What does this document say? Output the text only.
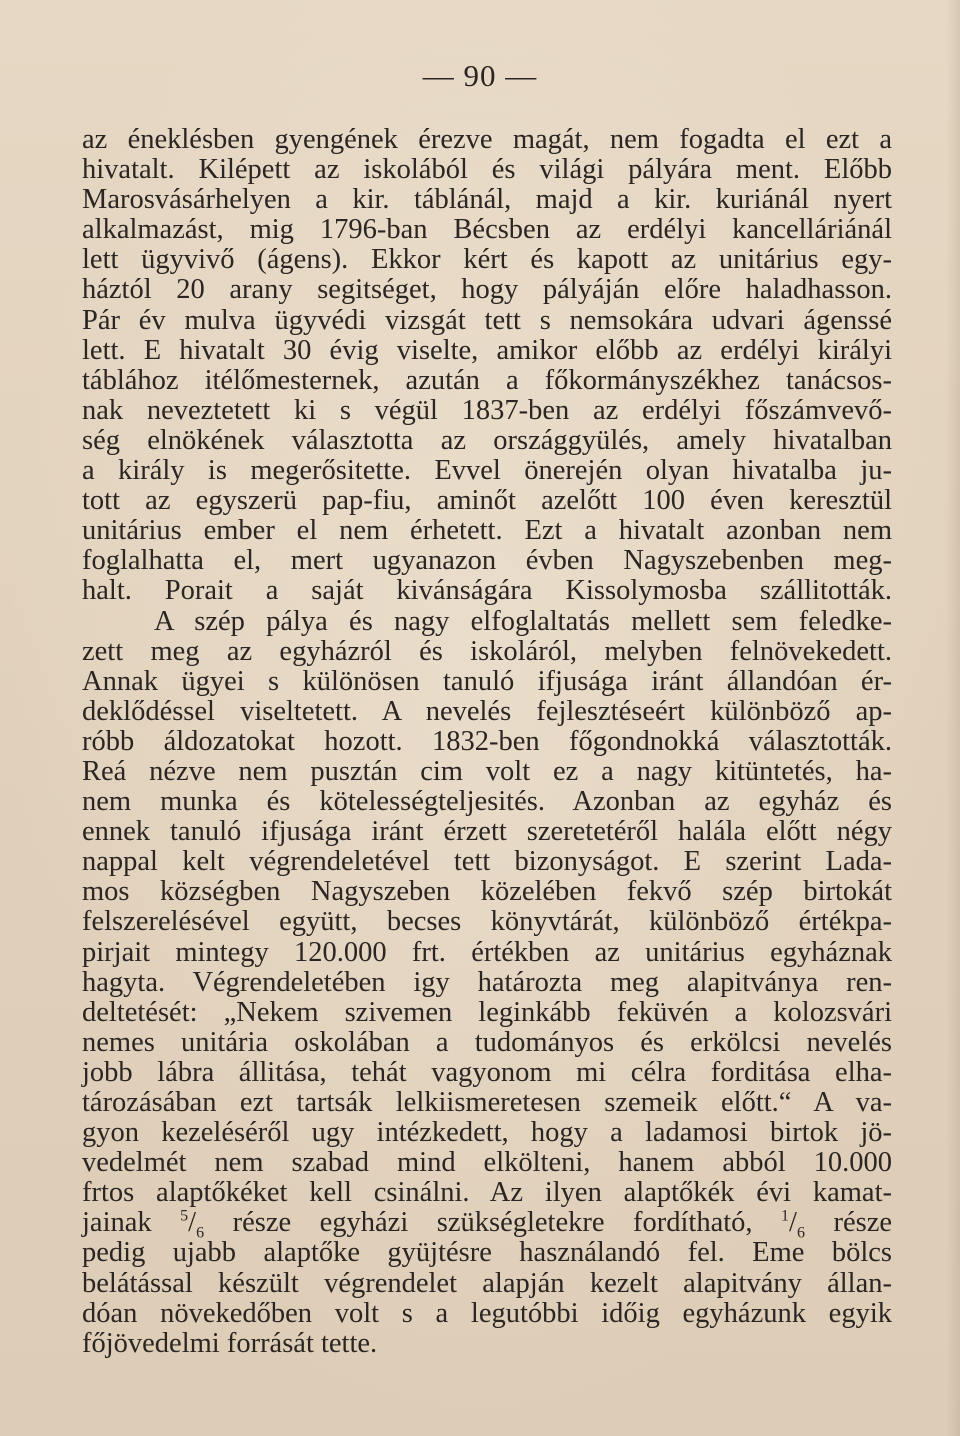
— 90 —
az éneklésben gyengének érezve magát, nem fogadta el ezt a
hivatalt. Kilépett az iskolából és világi pályára ment. Előbb
Marosvásárhelyen a kir. táblánál, majd a kir. kuriánál nyert
alkalmazást, mig 1796-ban Bécsben az erdélyi kancelláriánál
lett ügyvivő (ágens). Ekkor kért és kapott az unitárius egy-
háztól 20 arany segitséget, hogy pályáján előre haladhasson.
Pár év mulva ügyvédi vizsgát tett s nemsokára udvari ágenssé
lett. E hivatalt 30 évig viselte, amikor előbb az erdélyi királyi
táblához itélőmesternek, azután a főkormányszékhez tanácsos-
nak neveztetett ki s végül 1837-ben az erdélyi főszámvevő-
ség elnökének választotta az országgyülés, amely hivatalban
a király is megerősitette. Evvel önerején olyan hivatalba ju-
tott az egyszerü pap-fiu, aminőt azelőtt 100 éven keresztül
unitárius ember el nem érhetett. Ezt a hivatalt azonban nem
foglalhatta el, mert ugyanazon évben Nagyszebenben meg-
halt. Porait a saját kivánságára Kissolymosba szállitották.
A szép pálya és nagy elfoglaltatás mellett sem feledke-
zett meg az egyházról és iskoláról, melyben felnövekedett.
Annak ügyei s különösen tanuló ifjusága iránt állandóan ér-
deklődéssel viseltetett. A nevelés fejlesztéseért különböző ap-
róbb áldozatokat hozott. 1832-ben főgondnokká választották.
Reá nézve nem pusztán cim volt ez a nagy kitüntetés, ha-
nem munka és kötelességteljesités. Azonban az egyház és
ennek tanuló ifjusága iránt érzett szeretetéről halála előtt négy
nappal kelt végrendeletével tett bizonyságot. E szerint Lada-
mos községben Nagyszeben közelében fekvő szép birtokát
felszerelésével együtt, becses könyvtárát, különböző értékpa-
pirjait mintegy 120.000 frt. értékben az unitárius egyháznak
hagyta. Végrendeletében igy határozta meg alapitványa ren-
deltetését: „Nekem szivemen leginkább feküvén a kolozsvári
nemes unitária oskolában a tudományos és erkölcsi nevelés
jobb lábra állitása, tehát vagyonom mi célra forditása elha-
tározásában ezt tartsák lelkiismeretesen szemeik előtt.“ A va-
gyon kezeléséről ugy intézkedett, hogy a ladamosi birtok jö-
vedelmét nem szabad mind elkölteni, hanem abból 10.000
frtos alaptőkéket kell csinálni. Az ilyen alaptőkék évi kamat-
jainak $^5/_6$ része egyházi szükségletekre fordítható, $^1/_6$ része
pedig ujabb alaptőke gyüjtésre használandó fel. Eme bölcs
belátással készült végrendelet alapján kezelt alapitvány állan-
dóan növekedőben volt s a legutóbbi időig egyházunk egyik
főjövedelmi forrását tette.
